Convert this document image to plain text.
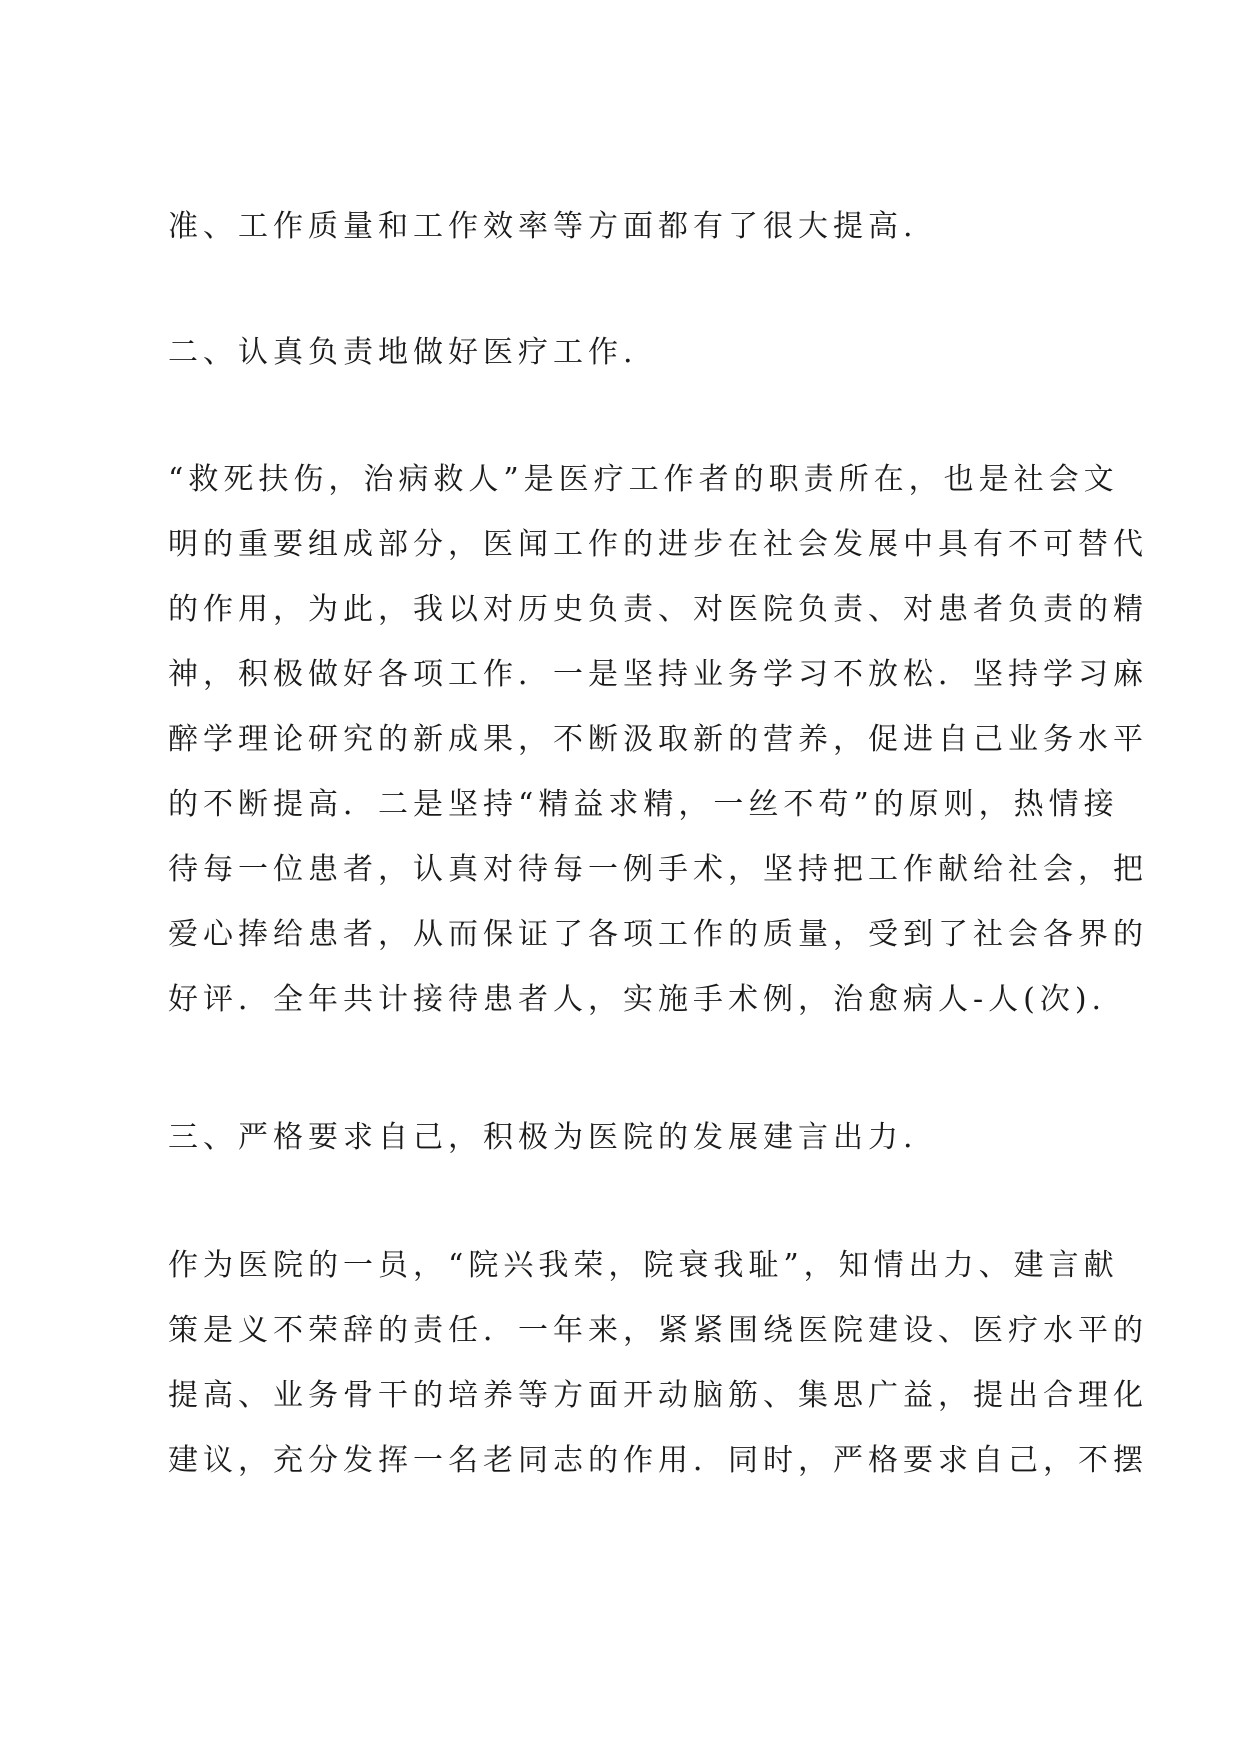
准、工作质量和工作效率等方面都有了很大提高.
二、认真负责地做好医疗工作.
“救死扶伤，治病救人”是医疗工作者的职责所在，也是社会文
明的重要组成部分，医闻工作的进步在社会发展中具有不可替代
的作用，为此，我以对历史负责、对医院负责、对患者负责的精
神，积极做好各项工作．一是坚持业务学习不放松．坚持学习麻
醉学理论研究的新成果，不断汲取新的营养，促进自己业务水平
的不断提高．二是坚持“精益求精，一丝不苟”的原则，热情接
待每一位患者，认真对待每一例手术，坚持把工作献给社会，把
爱心捧给患者，从而保证了各项工作的质量，受到了社会各界的
好评．全年共计接待患者人，实施手术例，治愈病人-人(次).
三、严格要求自己，积极为医院的发展建言出力.
作为医院的一员，“院兴我荣，院衰我耻”，知情出力、建言献
策是义不荣辞的责任．一年来，紧紧围绕医院建设、医疗水平的
提高、业务骨干的培养等方面开动脑筋、集思广益，提出合理化
建议，充分发挥一名老同志的作用．同时，严格要求自己，不摆
